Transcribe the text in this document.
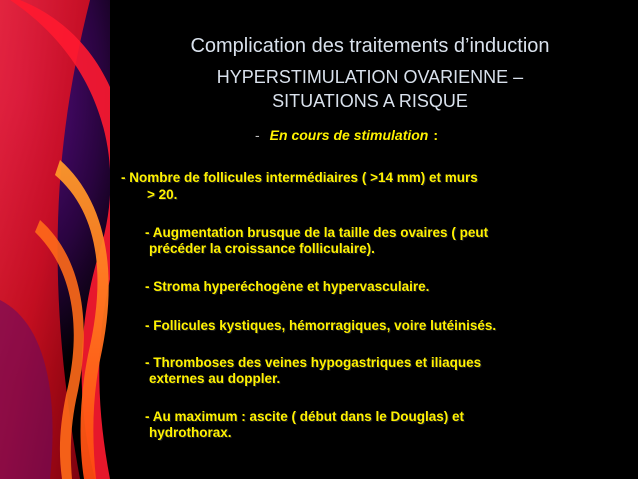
Complication des traitements d’induction
HYPERSTIMULATION OVARIENNE –
SITUATIONS A RISQUE
- En cours de stimulation :
- Nombre de follicules intermédiaires ( >14 mm) et murs
> 20.
- Augmentation brusque de la taille des ovaires ( peut
précéder la croissance folliculaire).
- Stroma hyperéchogène et hypervasculaire.
- Follicules kystiques, hémorragiques, voire lutéinisés.
- Thromboses des veines hypogastriques et iliaques
externes au doppler.
- Au maximum : ascite ( début dans le Douglas) et
hydrothorax.
